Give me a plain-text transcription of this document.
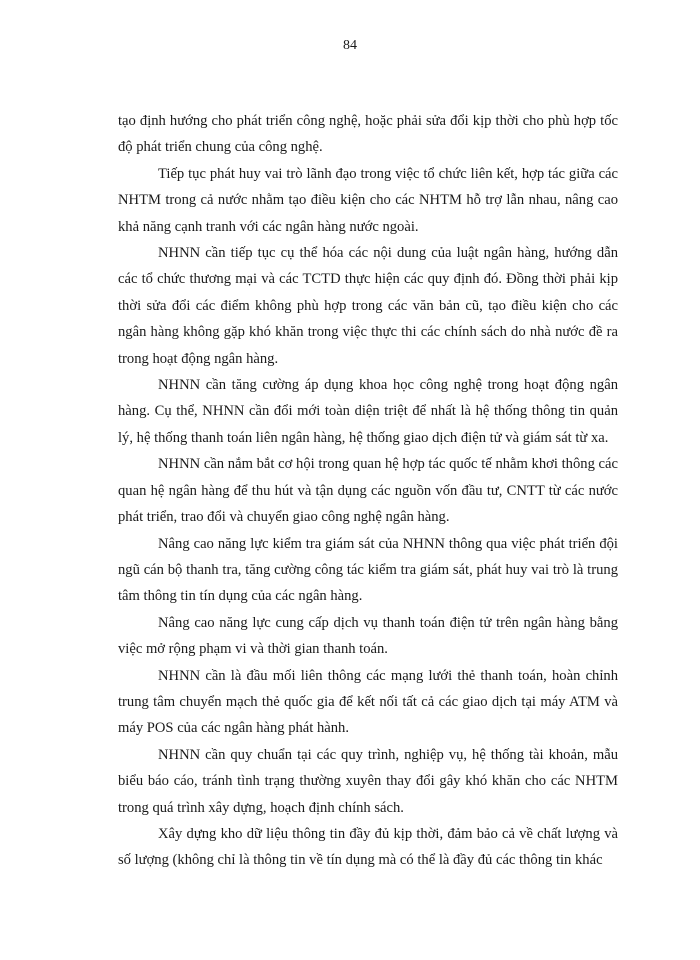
84

tạo định hướng cho phát triển công nghệ, hoặc phải sửa đổi kịp thời cho phù hợp tốc độ phát triển chung của công nghệ.

Tiếp tục phát huy vai trò lãnh đạo trong việc tổ chức liên kết, hợp tác giữa các NHTM trong cả nước nhằm tạo điều kiện cho các NHTM hỗ trợ lẫn nhau, nâng cao khả năng cạnh tranh với các ngân hàng nước ngoài.

NHNN cần tiếp tục cụ thể hóa các nội dung của luật ngân hàng, hướng dẫn các tổ chức thương mại và các TCTD thực hiện các quy định đó. Đồng thời phải kịp thời sửa đổi các điểm không phù hợp trong các văn bản cũ, tạo điều kiện cho các ngân hàng không gặp khó khăn trong việc thực thi các chính sách do nhà nước đề ra trong hoạt động ngân hàng.

NHNN cần tăng cường áp dụng khoa học công nghệ trong hoạt động ngân hàng. Cụ thể, NHNN cần đổi mới toàn diện triệt để nhất là hệ thống thông tin quản lý, hệ thống thanh toán liên ngân hàng, hệ thống giao dịch điện tử và giám sát từ xa.

NHNN cần nắm bắt cơ hội trong quan hệ hợp tác quốc tế nhằm khơi thông các quan hệ ngân hàng để thu hút và tận dụng các nguồn vốn đầu tư, CNTT từ các nước phát triển, trao đổi và chuyển giao công nghệ ngân hàng.

Nâng cao năng lực kiểm tra giám sát của NHNN thông qua việc phát triển đội ngũ cán bộ thanh tra, tăng cường công tác kiểm tra giám sát, phát huy vai trò là trung tâm thông tin tín dụng của các ngân hàng.

Nâng cao năng lực cung cấp dịch vụ thanh toán điện tử trên ngân hàng bằng việc mở rộng phạm vi và thời gian thanh toán.

NHNN cần là đầu mối liên thông các mạng lưới thẻ thanh toán, hoàn chỉnh trung tâm chuyển mạch thẻ quốc gia để kết nối tất cả các giao dịch tại máy ATM và máy POS của các ngân hàng phát hành.

NHNN cần quy chuẩn tại các quy trình, nghiệp vụ, hệ thống tài khoản, mẫu biểu báo cáo, tránh tình trạng thường xuyên thay đổi gây khó khăn cho các NHTM trong quá trình xây dựng, hoạch định chính sách.

Xây dựng kho dữ liệu thông tin đầy đủ kịp thời, đảm bảo cả về chất lượng và số lượng (không chỉ là thông tin về tín dụng mà có thể là đầy đủ các thông tin khác
